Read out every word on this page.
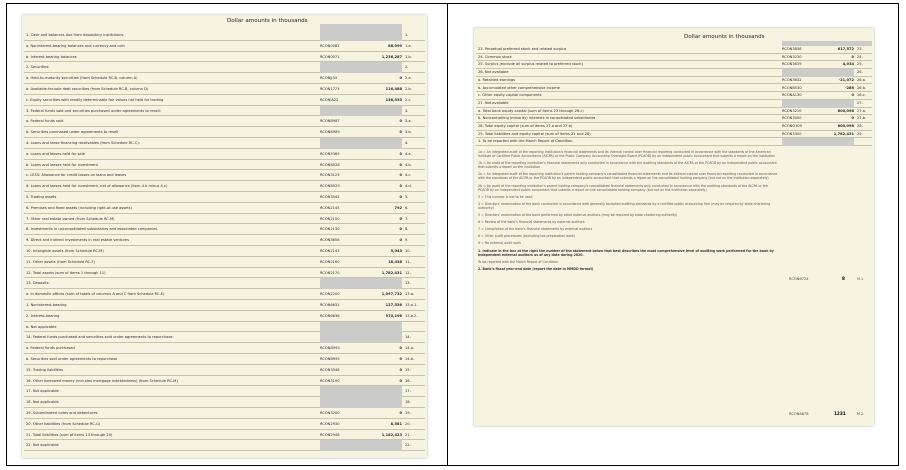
Dollar amounts in thousands
1. Cash and balances due from depository institutions:	1.
a. Noninterest-bearing balances and currency and coin	RCON0081	86,099 1.a.
b. Interest-bearing balances	RCON0071	1,236,287 1.b.
2. Securities:	2.
a. Held-to-maturity securities (from Schedule RC-B, column A)	RCONJJ34	0 2.a.
b. Available-for-sale debt securities (from Schedule RC-B, column D)	RCON1773	116,488 2.b.
c. Equity securities with readily determinable fair values not held for trading	RCONJA22	158,535 2.c.
3. Federal funds sold and securities purchased under agreements to resell:	3.
a. Federal funds sold	RCONB987	0 3.a.
b. Securities purchased under agreements to resell	RCONB989	0 3.b.
4. Loans and lease financing receivables (from Schedule RC-C):	4.
a. Loans and leases held for sale	RCON5369	0 4.a.
b. Loans and leases held for investment	RCONB528	0 4.b.
c. LESS: Allowance for credit losses on loans and leases	RCON3123	0 4.c.
d. Loans and leases held for investment, net of allowance (item 4.b minus 4.c)	RCONB529	0 4.d.
5. Trading assets	RCON3545	0 5.
6. Premises and fixed assets (including right-of-use assets)	RCON2145	792 6.
7. Other real estate owned (from Schedule RC-M)	RCON2150	0 7.
8. Investments in unconsolidated subsidiaries and associated companies	RCON2130	0 8.
9. Direct and indirect investments in real estate ventures	RCON3656	0 9.
10. Intangible assets (from Schedule RC-M)	RCON2143	5,043 10.
11. Other assets (from Schedule RC-F)	RCON2160	18,438 11.
12. Total assets (sum of items 1 through 11)	RCON2170	1,782,431 12.
13. Deposits:	13.
a. In domestic offices (sum of totals of columns A and C from Schedule RC-E)	RCON2200	1,097,732 13.a.
1. Noninterest-bearing	RCON6631	127,536 13.a.1.
2. Interest-bearing	RCON6636	970,196 13.a.2.
b. Not applicable
14. Federal funds purchased and securities sold under agreements to repurchase:	14.
a. Federal funds purchased	RCONB993	0 14.a.
b. Securities sold under agreements to repurchase	RCONB995	0 14.b.
15. Trading liabilities	RCON3548	0 15.
16. Other borrowed money (includes mortgage indebtedness) (from Schedule RC-M)	RCON3190	0 16.
17. Not applicable	17.
18. Not applicable	18.
19. Subordinated notes and debentures	RCON3200	0 19.
20. Other liabilities (from Schedule RC-G)	RCON2930	8,581 20.
21. Total liabilities (sum of items 13 through 20)	RCON2948	1,182,423 21.
22. Not applicable	22.
Dollar amounts in thousands
23. Perpetual preferred stock and related surplus	RCON3838	617,572 23.
24. Common stock	RCON3230	0 24.
25. Surplus (exclude all surplus related to preferred stock)	RCON3839	4,034 25.
26. Not available	26.
a. Retained earnings	RCON3632	-21,072 26.a.
b. Accumulated other comprehensive income	RCONB530	-286 26.b.
c. Other equity capital components	RCONA130	0 26.c.
27. Not available	27.
a. Total bank equity capital (sum of items 23 through 26.c)	RCON3210	600,098 27.a.
b. Noncontrolling (minority) interests in consolidated subsidiaries	RCON3000	0 27.b.
28. Total equity capital (sum of items 27.a and 27.b)	RCONG105	600,098 28.
29. Total liabilities and equity capital (sum of items 21 and 28)	RCON3300	1,782,431 29.
1. To be reported with the March Report of Condition.

1a = An integrated audit of the reporting institution's financial statements and its internal control over financial reporting conducted in accordance with the standards of the American Institute of Certified Public Accountants (AICPA) or the Public Company Accounting Oversight Board (PCAOB) by an independent public accountant that submits a report on the institution

1b = An audit of the reporting institution's financial statements only conducted in accordance with the auditing standards of the AICPA or the PCAOB by an independent public accountant that submits a report on the institution

2a = An integrated audit of the reporting institution's parent holding company's consolidated financial statements and its internal control over financial reporting conducted in accordance with the standards of the AICPA or the PCAOB by an independent public accountant that submits a report on the consolidated holding company (but not on the institution separately)

2b = An audit of the reporting institution's parent holding company's consolidated financial statements only conducted in accordance with the auditing standards of the AICPA or the PCAOB by an independent public accountant that submits a report on the consolidated holding company (but not on the institution separately)

3 = This number is not to be used

4 = Directors' examination of the bank conducted in accordance with generally accepted auditing standards by a certified public accounting firm (may be required by state chartering authority)

5 = Directors' examination of the bank performed by other external auditors (may be required by state chartering authority)

6 = Review of the bank's financial statements by external auditors

7 = Compilation of the bank's financial statements by external auditors

8 = Other audit procedures (excluding tax preparation work)

9 = No external audit work

1. Indicate in the box at the right the number of the statement below that best describes the most comprehensive level of auditing work performed for the bank by independent external auditors as of any date during 2020.

To be reported with the March Report of Condition.

2. Bank's fiscal year-end date (report the date in MMDD format)

RCON6724	8	M.1.
RCON8678	1231	M.2.
